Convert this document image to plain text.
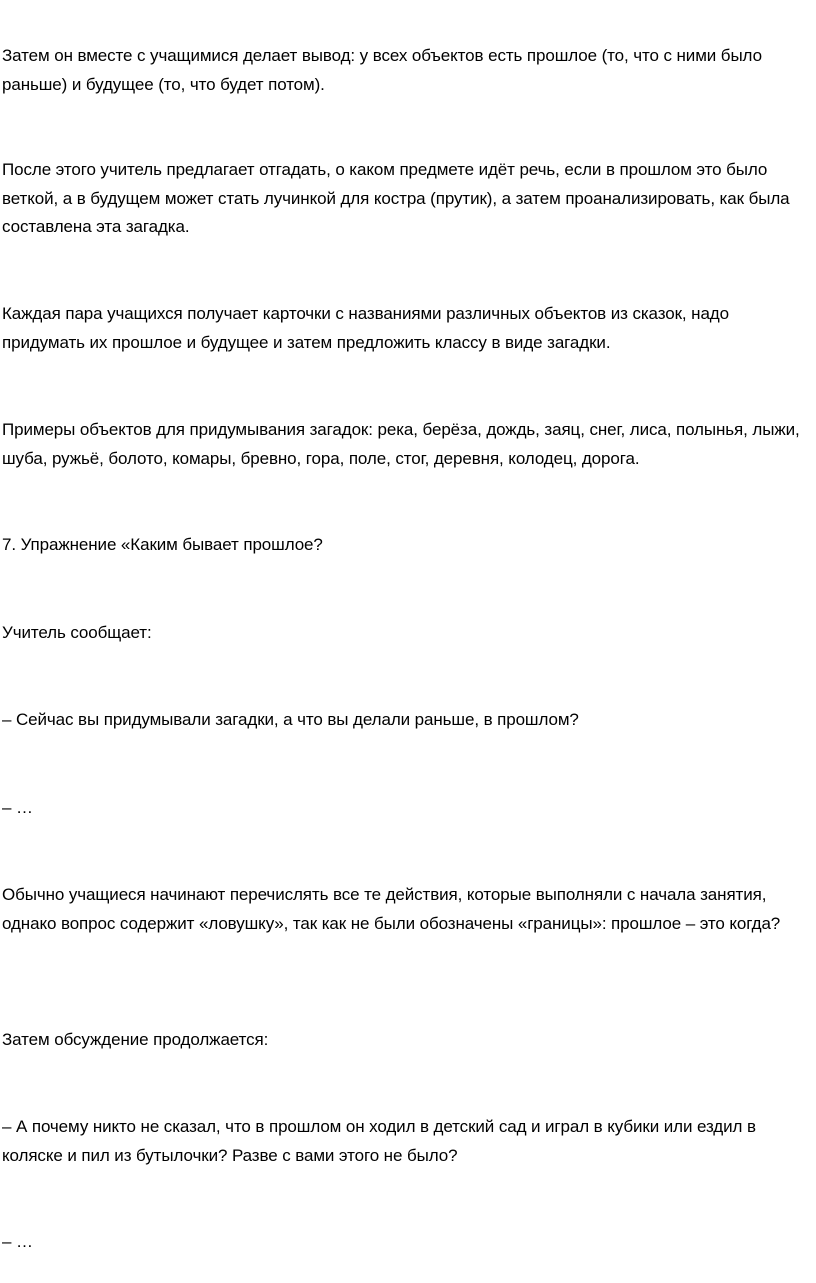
Затем он вместе с учащимися делает вывод: у всех объектов есть прошлое (то, что с ними было раньше) и будущее (то, что будет потом).

После этого учитель предлагает отгадать, о каком предмете идёт речь, если в прошлом это было веткой, а в будущем может стать лучинкой для костра (прутик), а затем проанализировать, как была составлена эта загадка.

Каждая пара учащихся получает карточки с названиями различных объектов из сказок, надо придумать их прошлое и будущее и затем предложить классу в виде загадки.

Примеры объектов для придумывания загадок: река, берёза, дождь, заяц, снег, лиса, полынья, лыжи, шуба, ружьё, болото, комары, бревно, гора, поле, стог, деревня, колодец, дорога.

7. Упражнение «Каким бывает прошлое?

Учитель сообщает:

– Сейчас вы придумывали загадки, а что вы делали раньше, в прошлом?

– …

Обычно учащиеся начинают перечислять все те действия, которые выполняли с начала занятия, однако вопрос содержит «ловушку», так как не были обозначены «границы»: прошлое – это когда?

Затем обсуждение продолжается:

– А почему никто не сказал, что в прошлом он ходил в детский сад и играл в кубики или ездил в коляске и пил из бутылочки? Разве с вами этого не было?

– …
